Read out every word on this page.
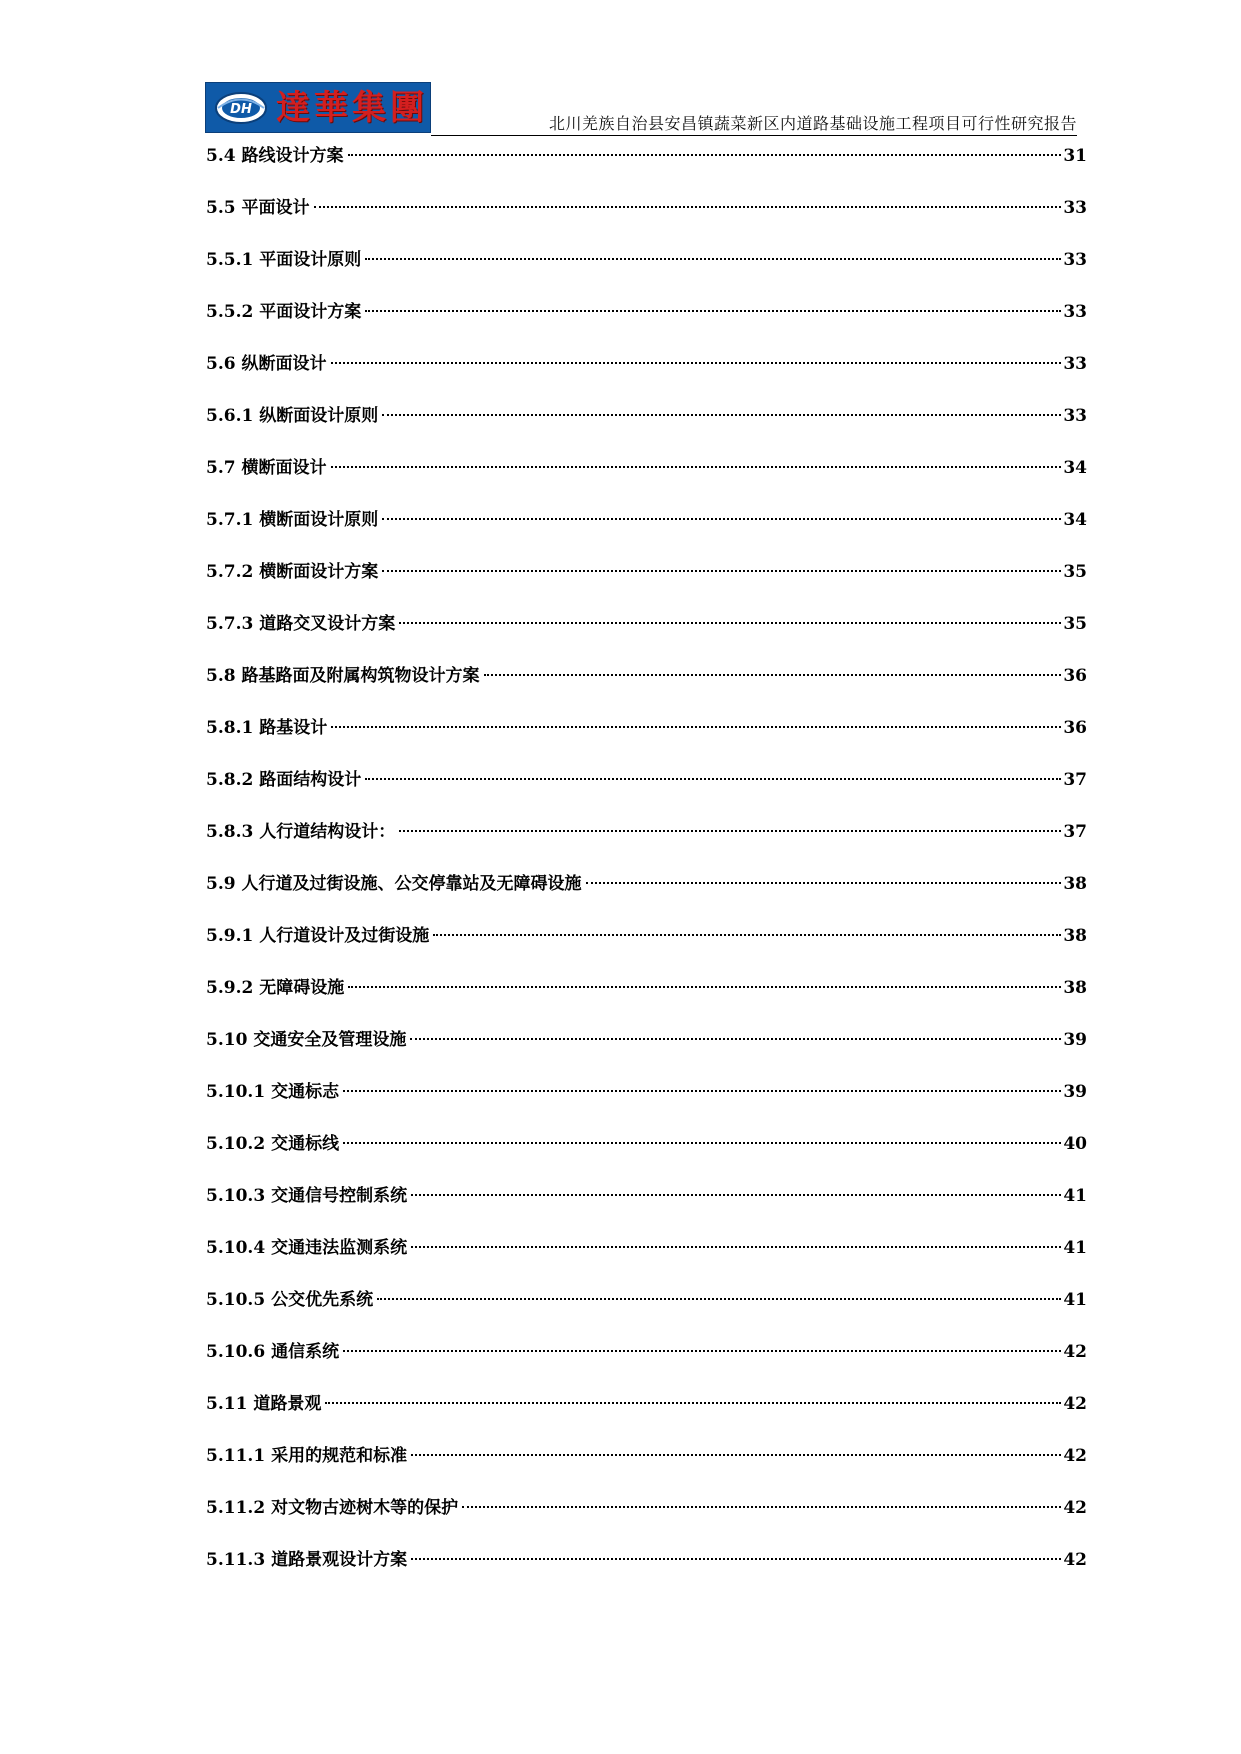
DH 達華集團	北川羌族自治县安昌镇蔬菜新区内道路基础设施工程项目可行性研究报告
5.4 路线设计方案	31
5.5 平面设计	33
5.5.1 平面设计原则	33
5.5.2 平面设计方案	33
5.6 纵断面设计	33
5.6.1 纵断面设计原则	33
5.7 横断面设计	34
5.7.1 横断面设计原则	34
5.7.2 横断面设计方案	35
5.7.3 道路交叉设计方案	35
5.8 路基路面及附属构筑物设计方案	36
5.8.1 路基设计	36
5.8.2 路面结构设计	37
5.8.3 人行道结构设计：	37
5.9 人行道及过街设施、公交停靠站及无障碍设施	38
5.9.1 人行道设计及过街设施	38
5.9.2 无障碍设施	38
5.10 交通安全及管理设施	39
5.10.1 交通标志	39
5.10.2 交通标线	40
5.10.3 交通信号控制系统	41
5.10.4 交通违法监测系统	41
5.10.5 公交优先系统	41
5.10.6 通信系统	42
5.11 道路景观	42
5.11.1 采用的规范和标准	42
5.11.2 对文物古迹树木等的保护	42
5.11.3 道路景观设计方案	42
